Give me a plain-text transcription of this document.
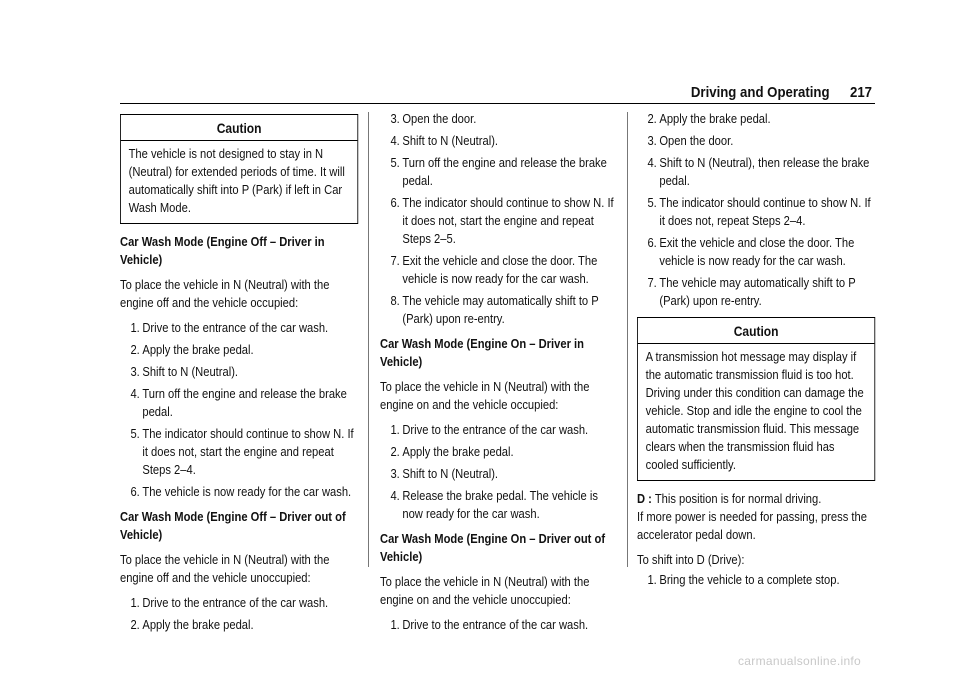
Driving and Operating 217
Caution
The vehicle is not designed to stay in N (Neutral) for extended periods of time. It will automatically shift into P (Park) if left in Car Wash Mode.
Car Wash Mode (Engine Off – Driver in Vehicle)
To place the vehicle in N (Neutral) with the engine off and the vehicle occupied:
1. Drive to the entrance of the car wash.
2. Apply the brake pedal.
3. Shift to N (Neutral).
4. Turn off the engine and release the brake pedal.
5. The indicator should continue to show N. If it does not, start the engine and repeat Steps 2–4.
6. The vehicle is now ready for the car wash.
Car Wash Mode (Engine Off – Driver out of Vehicle)
To place the vehicle in N (Neutral) with the engine off and the vehicle unoccupied:
1. Drive to the entrance of the car wash.
2. Apply the brake pedal.
3. Open the door.
4. Shift to N (Neutral).
5. Turn off the engine and release the brake pedal.
6. The indicator should continue to show N. If it does not, start the engine and repeat Steps 2–5.
7. Exit the vehicle and close the door. The vehicle is now ready for the car wash.
8. The vehicle may automatically shift to P (Park) upon re-entry.
Car Wash Mode (Engine On – Driver in Vehicle)
To place the vehicle in N (Neutral) with the engine on and the vehicle occupied:
1. Drive to the entrance of the car wash.
2. Apply the brake pedal.
3. Shift to N (Neutral).
4. Release the brake pedal. The vehicle is now ready for the car wash.
Car Wash Mode (Engine On – Driver out of Vehicle)
To place the vehicle in N (Neutral) with the engine on and the vehicle unoccupied:
1. Drive to the entrance of the car wash.
2. Apply the brake pedal.
3. Open the door.
4. Shift to N (Neutral), then release the brake pedal.
5. The indicator should continue to show N. If it does not, repeat Steps 2–4.
6. Exit the vehicle and close the door. The vehicle is now ready for the car wash.
7. The vehicle may automatically shift to P (Park) upon re-entry.
Caution
A transmission hot message may display if the automatic transmission fluid is too hot. Driving under this condition can damage the vehicle. Stop and idle the engine to cool the automatic transmission fluid. This message clears when the transmission fluid has cooled sufficiently.
D : This position is for normal driving.
If more power is needed for passing, press the accelerator pedal down.
To shift into D (Drive):
1. Bring the vehicle to a complete stop.
carmanualsonline.info
